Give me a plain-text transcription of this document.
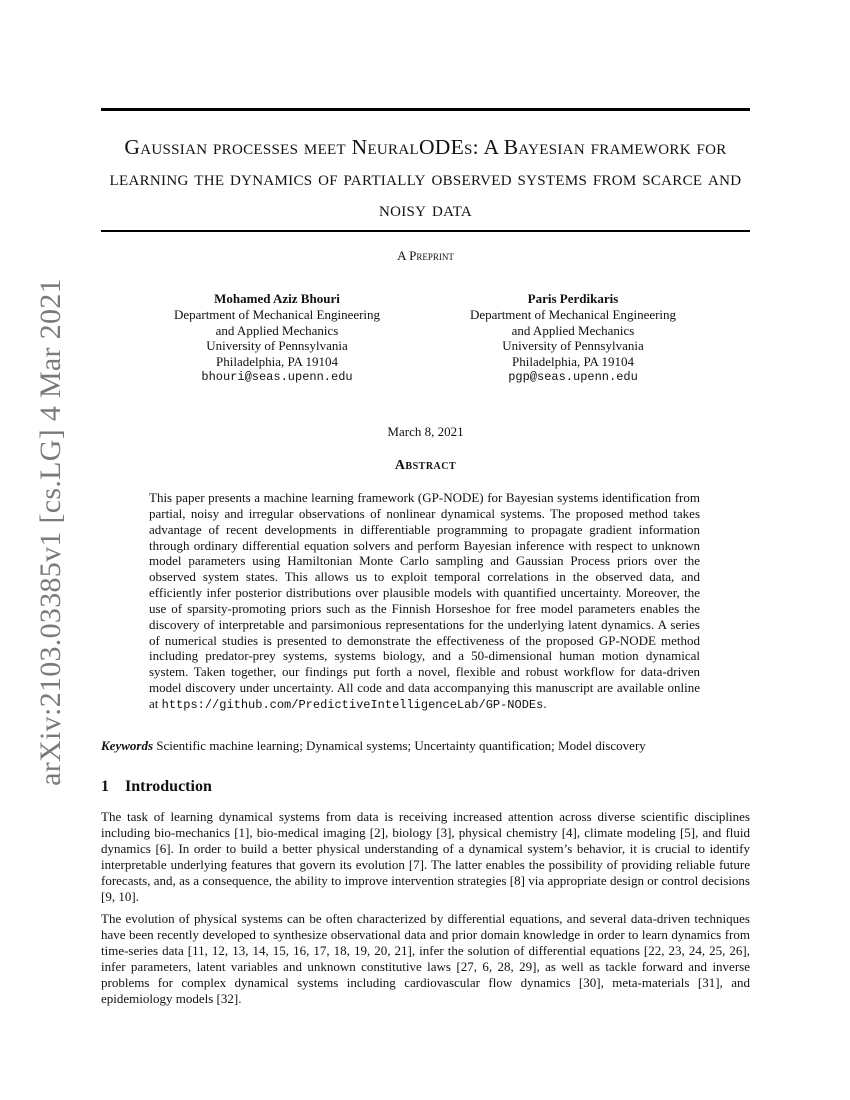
arXiv:2103.03385v1 [cs.LG] 4 Mar 2021
Gaussian processes meet NeuralODEs: A Bayesian framework for learning the dynamics of partially observed systems from scarce and noisy data
A Preprint
Mohamed Aziz Bhouri
Department of Mechanical Engineering
and Applied Mechanics
University of Pennsylvania
Philadelphia, PA 19104
bhouri@seas.upenn.edu
Paris Perdikaris
Department of Mechanical Engineering
and Applied Mechanics
University of Pennsylvania
Philadelphia, PA 19104
pgp@seas.upenn.edu
March 8, 2021
Abstract
This paper presents a machine learning framework (GP-NODE) for Bayesian systems identification from partial, noisy and irregular observations of nonlinear dynamical systems. The proposed method takes advantage of recent developments in differentiable programming to propagate gradient information through ordinary differential equation solvers and perform Bayesian inference with respect to unknown model parameters using Hamiltonian Monte Carlo sampling and Gaussian Process priors over the observed system states. This allows us to exploit temporal correlations in the observed data, and efficiently infer posterior distributions over plausible models with quantified uncertainty. Moreover, the use of sparsity-promoting priors such as the Finnish Horseshoe for free model parameters enables the discovery of interpretable and parsimonious representations for the underlying latent dynamics. A series of numerical studies is presented to demonstrate the effectiveness of the proposed GP-NODE method including predator-prey systems, systems biology, and a 50-dimensional human motion dynamical system. Taken together, our findings put forth a novel, flexible and robust workflow for data-driven model discovery under uncertainty. All code and data accompanying this manuscript are available online at https://github.com/PredictiveIntelligenceLab/GP-NODEs.
Keywords Scientific machine learning; Dynamical systems; Uncertainty quantification; Model discovery
1 Introduction
The task of learning dynamical systems from data is receiving increased attention across diverse scientific disciplines including bio-mechanics [1], bio-medical imaging [2], biology [3], physical chemistry [4], climate modeling [5], and fluid dynamics [6]. In order to build a better physical understanding of a dynamical system’s behavior, it is crucial to identify interpretable underlying features that govern its evolution [7]. The latter enables the possibility of providing reliable future forecasts, and, as a consequence, the ability to improve intervention strategies [8] via appropriate design or control decisions [9, 10].
The evolution of physical systems can be often characterized by differential equations, and several data-driven techniques have been recently developed to synthesize observational data and prior domain knowledge in order to learn dynamics from time-series data [11, 12, 13, 14, 15, 16, 17, 18, 19, 20, 21], infer the solution of differential equations [22, 23, 24, 25, 26], infer parameters, latent variables and unknown constitutive laws [27, 6, 28, 29], as well as tackle forward and inverse problems for complex dynamical systems including cardiovascular flow dynamics [30], meta-materials [31], and epidemiology models [32].
